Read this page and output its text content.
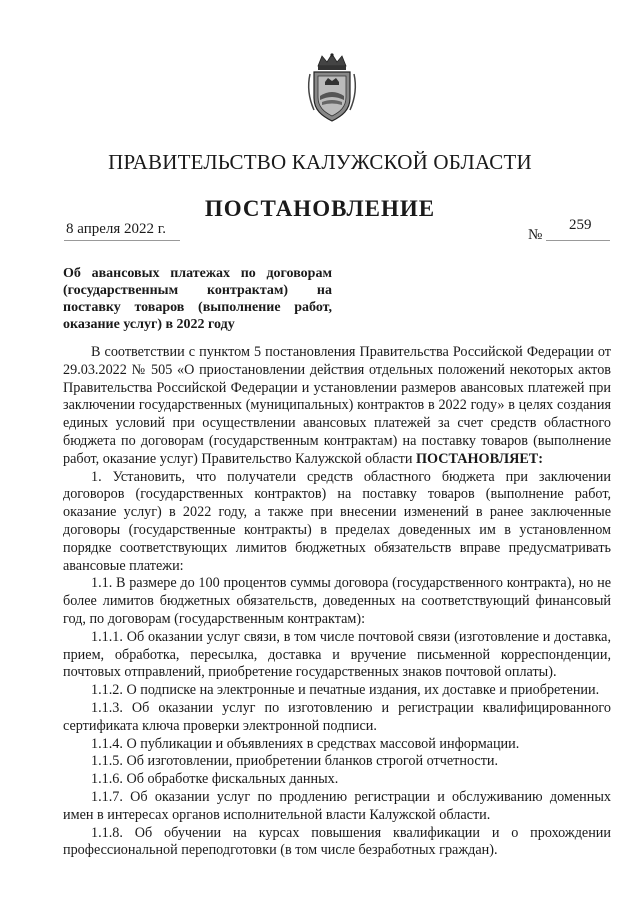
ПРАВИТЕЛЬСТВО КАЛУЖСКОЙ ОБЛАСТИ
ПОСТАНОВЛЕНИЕ
8 апреля 2022 г.	№
259
Об авансовых платежах по договорам (государственным контрактам) на поставку товаров (выполнение работ, оказание услуг) в 2022 году

В соответствии с пунктом 5 постановления Правительства Российской Федерации от 29.03.2022 № 505 «О приостановлении действия отдельных положений некоторых актов Правительства Российской Федерации и установлении размеров авансовых платежей при заключении государственных (муниципальных) контрактов в 2022 году» в целях создания единых условий при осуществлении авансовых платежей за счет средств областного бюджета по договорам (государственным контрактам) на поставку товаров (выполнение работ, оказание услуг) Правительство Калужской области ПОСТАНОВЛЯЕТ:

1. Установить, что получатели средств областного бюджета при заключении договоров (государственных контрактов) на поставку товаров (выполнение работ, оказание услуг) в 2022 году, а также при внесении изменений в ранее заключенные договоры (государственные контракты) в пределах доведенных им в установленном порядке соответствующих лимитов бюджетных обязательств вправе предусматривать авансовые платежи:

1.1. В размере до 100 процентов суммы договора (государственного контракта), но не более лимитов бюджетных обязательств, доведенных на соответствующий финансовый год, по договорам (государственным контрактам):

1.1.1. Об оказании услуг связи, в том числе почтовой связи (изготовление и доставка, прием, обработка, пересылка, доставка и вручение письменной корреспонденции, почтовых отправлений, приобретение государственных знаков почтовой оплаты).

1.1.2. О подписке на электронные и печатные издания, их доставке и приобретении.

1.1.3. Об оказании услуг по изготовлению и регистрации квалифицированного сертификата ключа проверки электронной подписи.

1.1.4. О публикации и объявлениях в средствах массовой информации.

1.1.5. Об изготовлении, приобретении бланков строгой отчетности.

1.1.6. Об обработке фискальных данных.

1.1.7. Об оказании услуг по продлению регистрации и обслуживанию доменных имен в интересах органов исполнительной власти Калужской области.

1.1.8. Об обучении на курсах повышения квалификации и о прохождении профессиональной переподготовки (в том числе безработных граждан).
